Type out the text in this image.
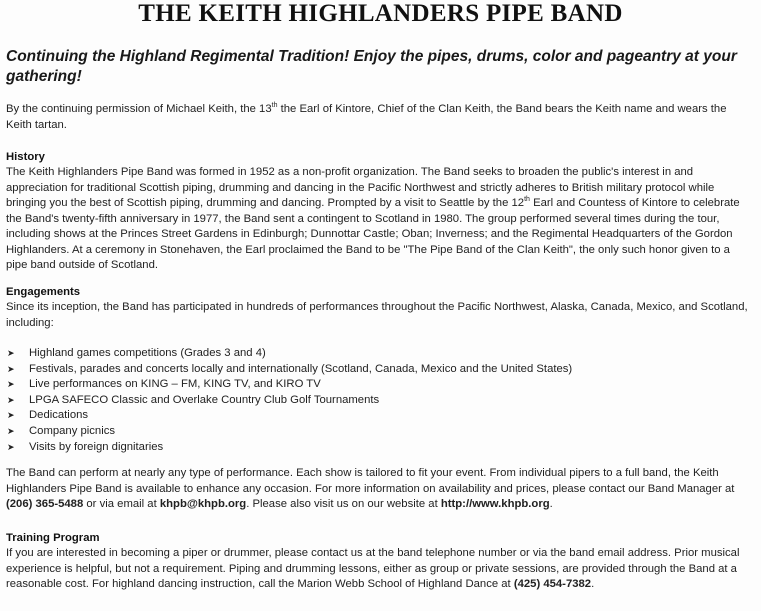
THE KEITH HIGHLANDERS PIPE BAND
Continuing the Highland Regimental Tradition! Enjoy the pipes, drums, color and pageantry at your gathering!
By the continuing permission of Michael Keith, the 13th the Earl of Kintore, Chief of the Clan Keith, the Band bears the Keith name and wears the Keith tartan.
History
The Keith Highlanders Pipe Band was formed in 1952 as a non-profit organization. The Band seeks to broaden the public's interest in and appreciation for traditional Scottish piping, drumming and dancing in the Pacific Northwest and strictly adheres to British military protocol while bringing you the best of Scottish piping, drumming and dancing. Prompted by a visit to Seattle by the 12th Earl and Countess of Kintore to celebrate the Band's twenty-fifth anniversary in 1977, the Band sent a contingent to Scotland in 1980. The group performed several times during the tour, including shows at the Princes Street Gardens in Edinburgh; Dunnottar Castle; Oban; Inverness; and the Regimental Headquarters of the Gordon Highlanders. At a ceremony in Stonehaven, the Earl proclaimed the Band to be "The Pipe Band of the Clan Keith", the only such honor given to a pipe band outside of Scotland.
Engagements
Since its inception, the Band has participated in hundreds of performances throughout the Pacific Northwest, Alaska, Canada, Mexico, and Scotland, including:
➤	Highland games competitions (Grades 3 and 4)
➤	Festivals, parades and concerts locally and internationally (Scotland, Canada, Mexico and the United States)
➤	Live performances on KING – FM, KING TV, and KIRO TV
➤	LPGA SAFECO Classic and Overlake Country Club Golf Tournaments
➤	Dedications
➤	Company picnics
➤	Visits by foreign dignitaries
The Band can perform at nearly any type of performance. Each show is tailored to fit your event. From individual pipers to a full band, the Keith Highlanders Pipe Band is available to enhance any occasion. For more information on availability and prices, please contact our Band Manager at (206) 365-5488 or via email at khpb@khpb.org. Please also visit us on our website at http://www.khpb.org.
Training Program
If you are interested in becoming a piper or drummer, please contact us at the band telephone number or via the band email address. Prior musical experience is helpful, but not a requirement. Piping and drumming lessons, either as group or private sessions, are provided through the Band at a reasonable cost. For highland dancing instruction, call the Marion Webb School of Highland Dance at (425) 454-7382.
